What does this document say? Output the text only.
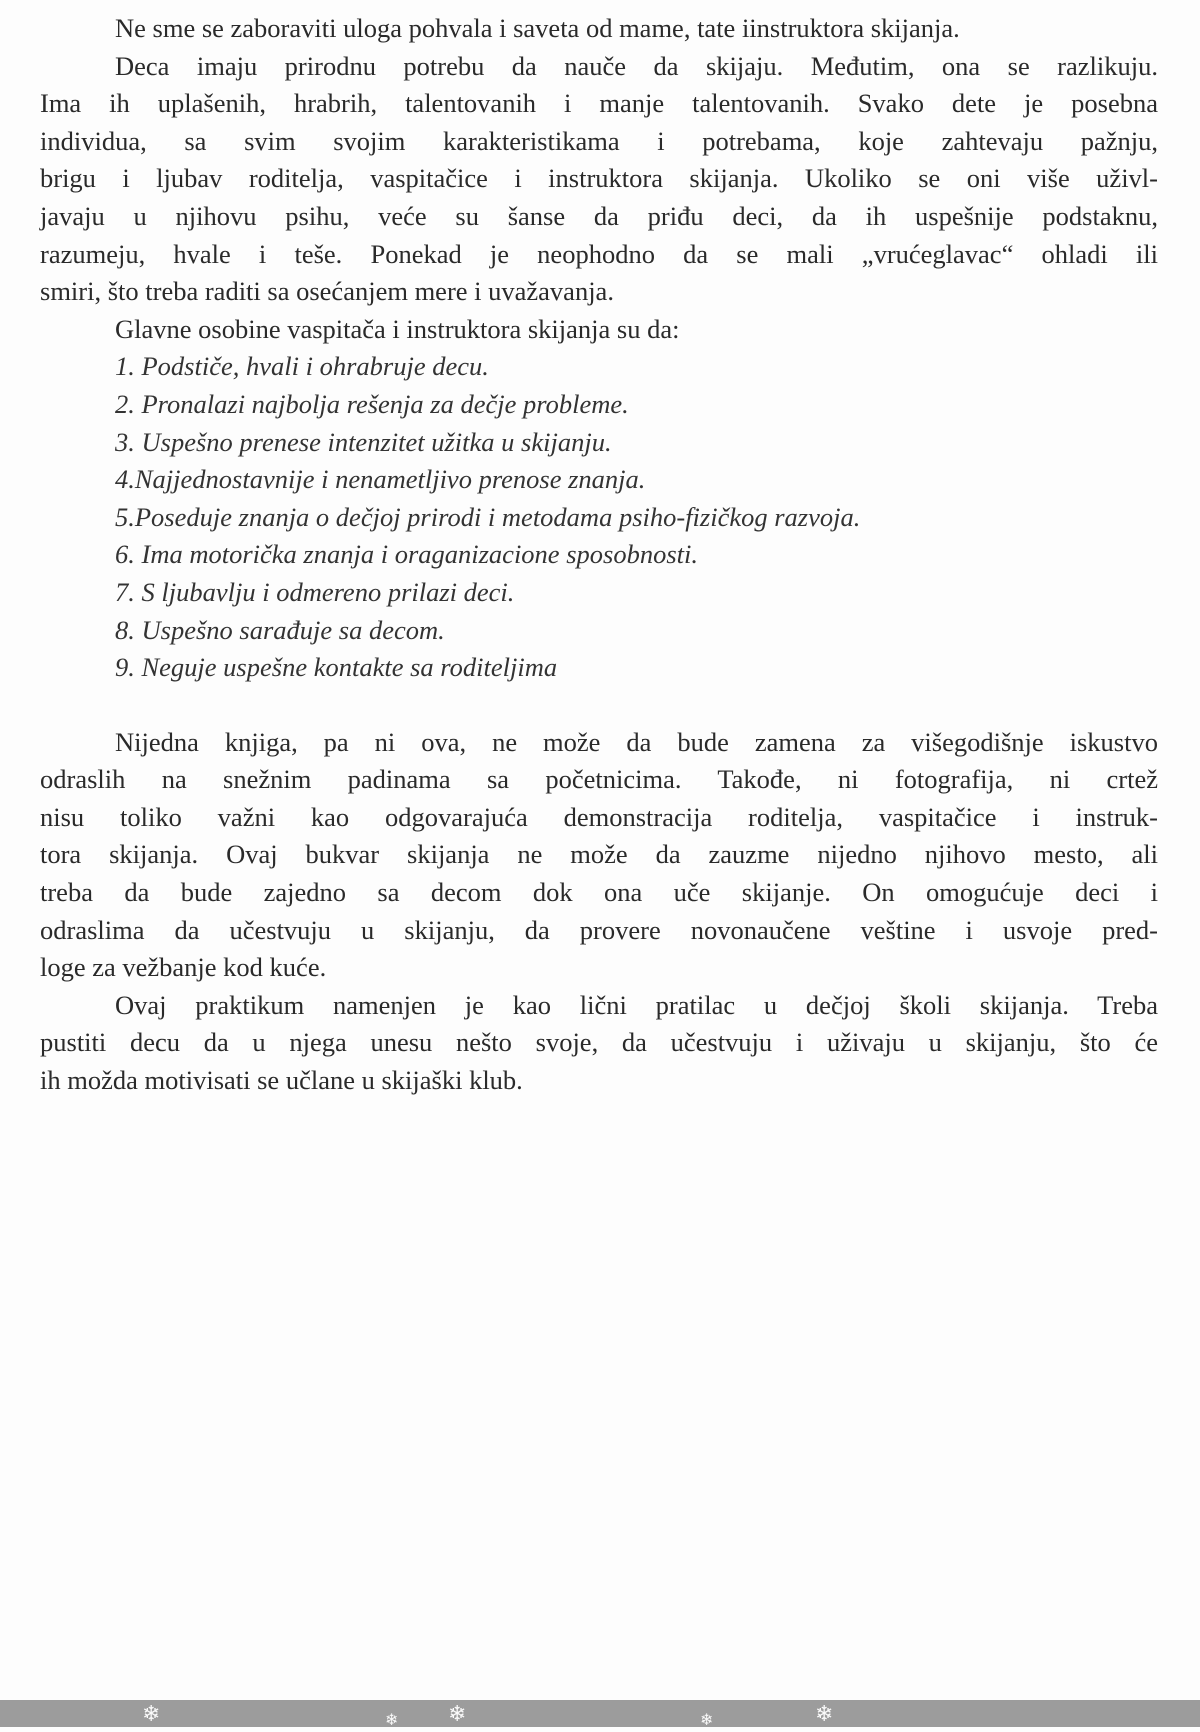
Ne sme se zaboraviti uloga pohvala i saveta od mame, tate iinstruktora skijanja.
Deca imaju prirodnu potrebu da nauče da skijaju. Međutim, ona se razlikuju.
Ima ih uplašenih, hrabrih, talentovanih i manje talentovanih. Svako dete je posebna
individua, sa svim svojim karakteristikama i potrebama, koje zahtevaju pažnju,
brigu i ljubav roditelja, vaspitačice i instruktora skijanja. Ukoliko se oni više uživl-
javaju u njihovu psihu, veće su šanse da priđu deci, da ih uspešnije podstaknu,
razumeju, hvale i teše. Ponekad je neophodno da se mali „vrućeglavac“ ohladi ili
smiri, što treba raditi sa osećanjem mere i uvažavanja.
Glavne osobine vaspitača i instruktora skijanja su da:
1. Podstiče, hvali i ohrabruje decu.
2. Pronalazi najbolja rešenja za dečje probleme.
3. Uspešno prenese intenzitet užitka u skijanju.
4.Najjednostavnije i nenametljivo prenose znanja.
5.Poseduje znanja o dečjoj prirodi i metodama psiho-fizičkog razvoja.
6. Ima motorička znanja i oraganizacione sposobnosti.
7. S ljubavlju i odmereno prilazi deci.
8. Uspešno sarađuje sa decom.
9. Neguje uspešne kontakte sa roditeljima
Nijedna knjiga, pa ni ova, ne može da bude zamena za višegodišnje iskustvo
odraslih na snežnim padinama sa početnicima. Takođe, ni fotografija, ni crtež
nisu toliko važni kao odgovarajuća demonstracija roditelja, vaspitačice i instruk-
tora skijanja. Ovaj bukvar skijanja ne može da zauzme nijedno njihovo mesto, ali
treba da bude zajedno sa decom dok ona uče skijanje. On omogućuje deci i
odraslima da učestvuju u skijanju, da provere novonaučene veštine i usvoje pred-
loge za vežbanje kod kuće.
Ovaj praktikum namenjen je kao lični pratilac u dečjoj školi skijanja. Treba
pustiti decu da u njega unesu nešto svoje, da učestvuju i uživaju u skijanju, što će
ih možda motivisati se učlane u skijaški klub.
❄	❄ ❄	❄	❄
